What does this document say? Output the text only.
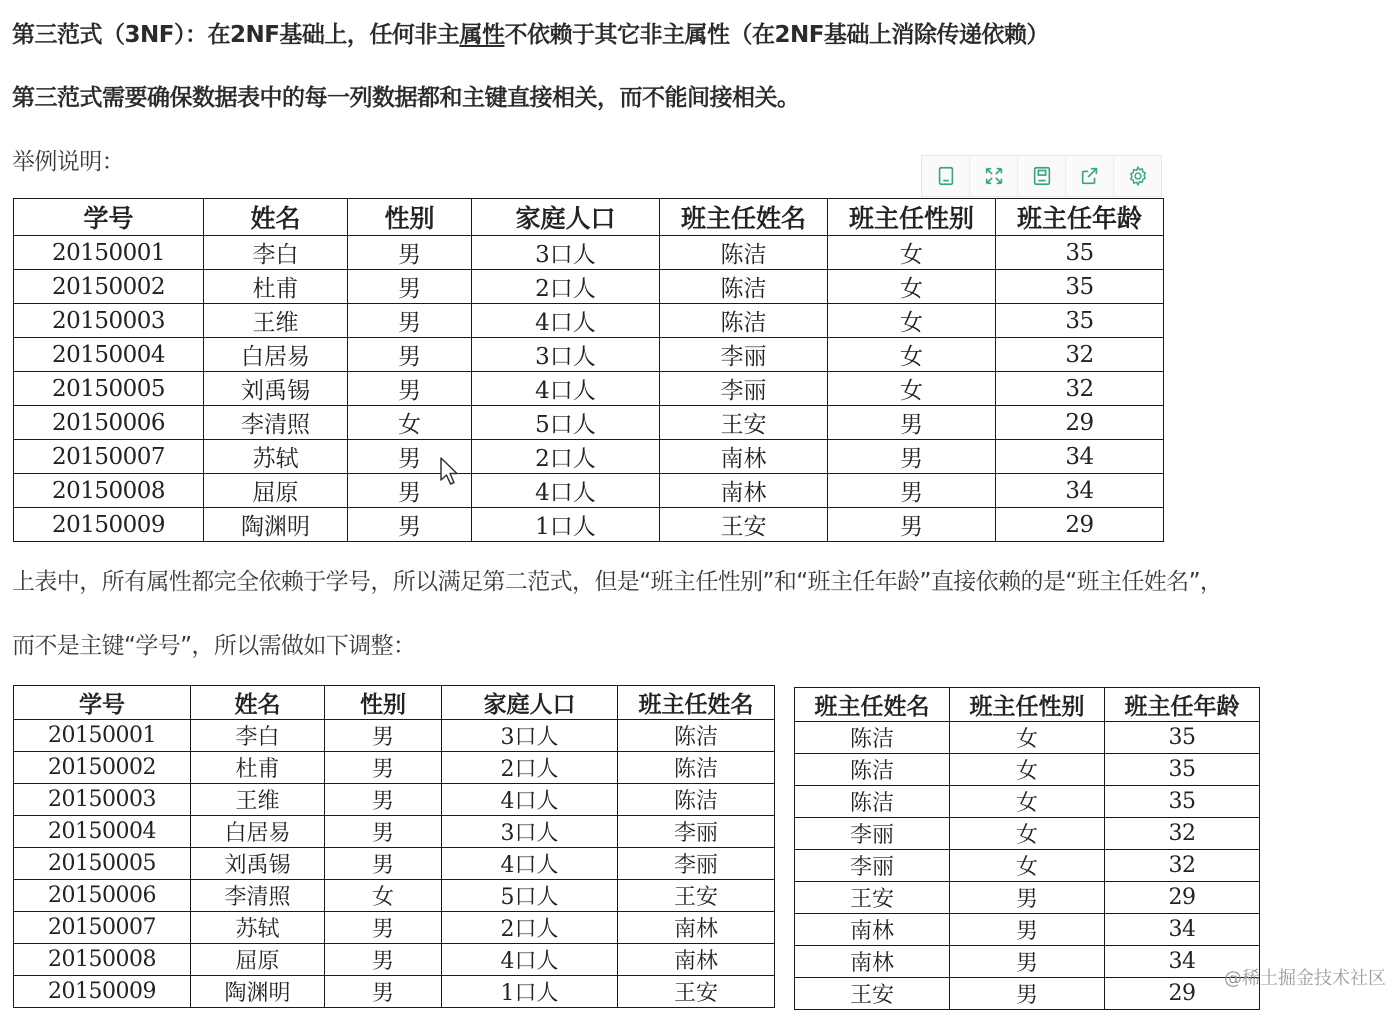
第三范式（3NF）：在2NF基础上，任何非主属性不依赖于其它非主属性（在2NF基础上消除传递依赖）
第三范式需要确保数据表中的每一列数据都和主键直接相关，而不能间接相关。
举例说明：
学号	姓名	性别	家庭人口	班主任姓名	班主任性别	班主任年龄
20150001	李白	男	3口人	陈洁	女	35
20150002	杜甫	男	2口人	陈洁	女	35
20150003	王维	男	4口人	陈洁	女	35
20150004	白居易	男	3口人	李丽	女	32
20150005	刘禹锡	男	4口人	李丽	女	32
20150006	李清照	女	5口人	王安	男	29
20150007	苏轼	男	2口人	南林	男	34
20150008	屈原	男	4口人	南林	男	34
20150009	陶渊明	男	1口人	王安	男	29
上表中，所有属性都完全依赖于学号，所以满足第二范式，但是“班主任性别”和“班主任年龄”直接依赖的是“班主任姓名”，
而不是主键“学号”，所以需做如下调整：
学号	姓名	性别	家庭人口	班主任姓名
20150001	李白	男	3口人	陈洁
20150002	杜甫	男	2口人	陈洁
20150003	王维	男	4口人	陈洁
20150004	白居易	男	3口人	李丽
20150005	刘禹锡	男	4口人	李丽
20150006	李清照	女	5口人	王安
20150007	苏轼	男	2口人	南林
20150008	屈原	男	4口人	南林
20150009	陶渊明	男	1口人	王安
班主任姓名	班主任性别	班主任年龄
陈洁	女	35
陈洁	女	35
陈洁	女	35
李丽	女	32
李丽	女	32
王安	男	29
南林	男	34
南林	男	34
王安	男	29
@稀土掘金技术社区
